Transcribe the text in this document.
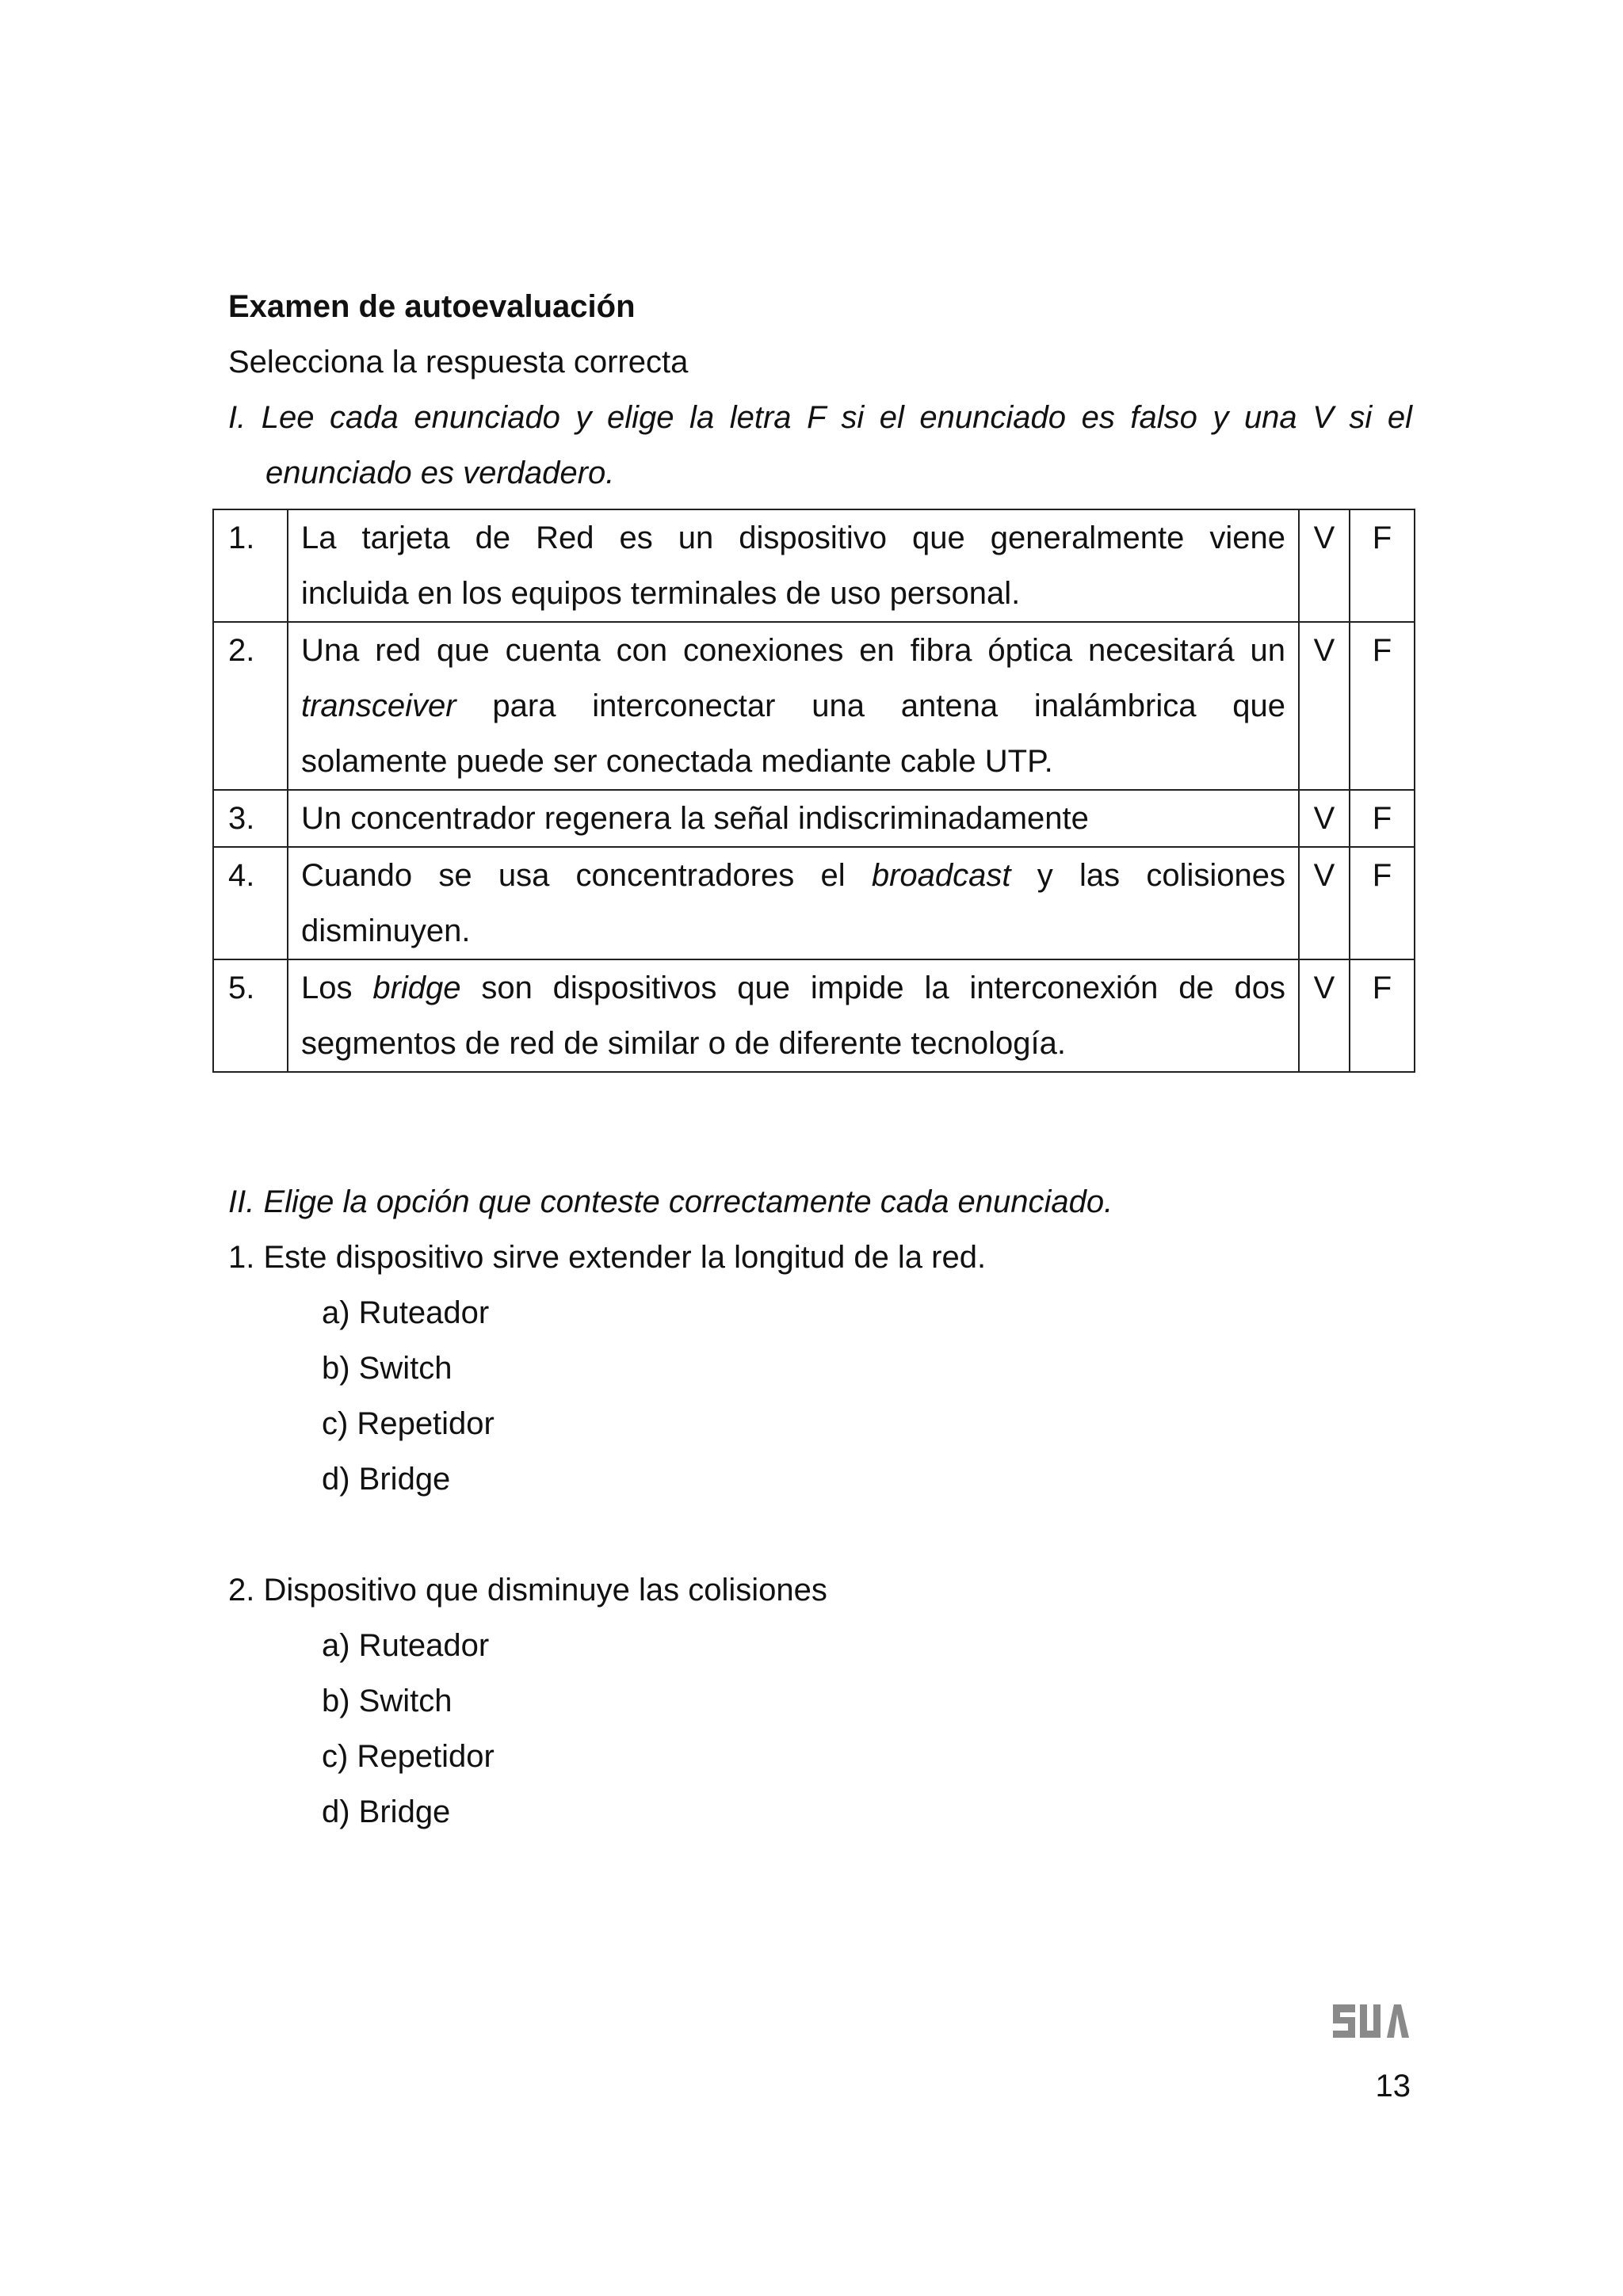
Examen de autoevaluación
Selecciona la respuesta correcta
I. Lee cada enunciado y elige la letra F si el enunciado es falso y una V si el
enunciado es verdadero.
1.	La tarjeta de Red es un dispositivo que generalmente viene
incluida en los equipos terminales de uso personal.	V	F
2.	Una red que cuenta con conexiones en fibra óptica necesitará un
transceiver para interconectar una antena inalámbrica que
solamente puede ser conectada mediante cable UTP.	V	F
3.	Un concentrador regenera la señal indiscriminadamente	V	F
4.	Cuando se usa concentradores el broadcast y las colisiones
disminuyen.	V	F
5.	Los bridge son dispositivos que impide la interconexión de dos
segmentos de red de similar o de diferente tecnología.	V	F
II. Elige la opción que conteste correctamente cada enunciado.
1. Este dispositivo sirve extender la longitud de la red.
a) Ruteador
b) Switch
c) Repetidor
d) Bridge
2. Dispositivo que disminuye las colisiones
a) Ruteador
b) Switch
c) Repetidor
d) Bridge
13
